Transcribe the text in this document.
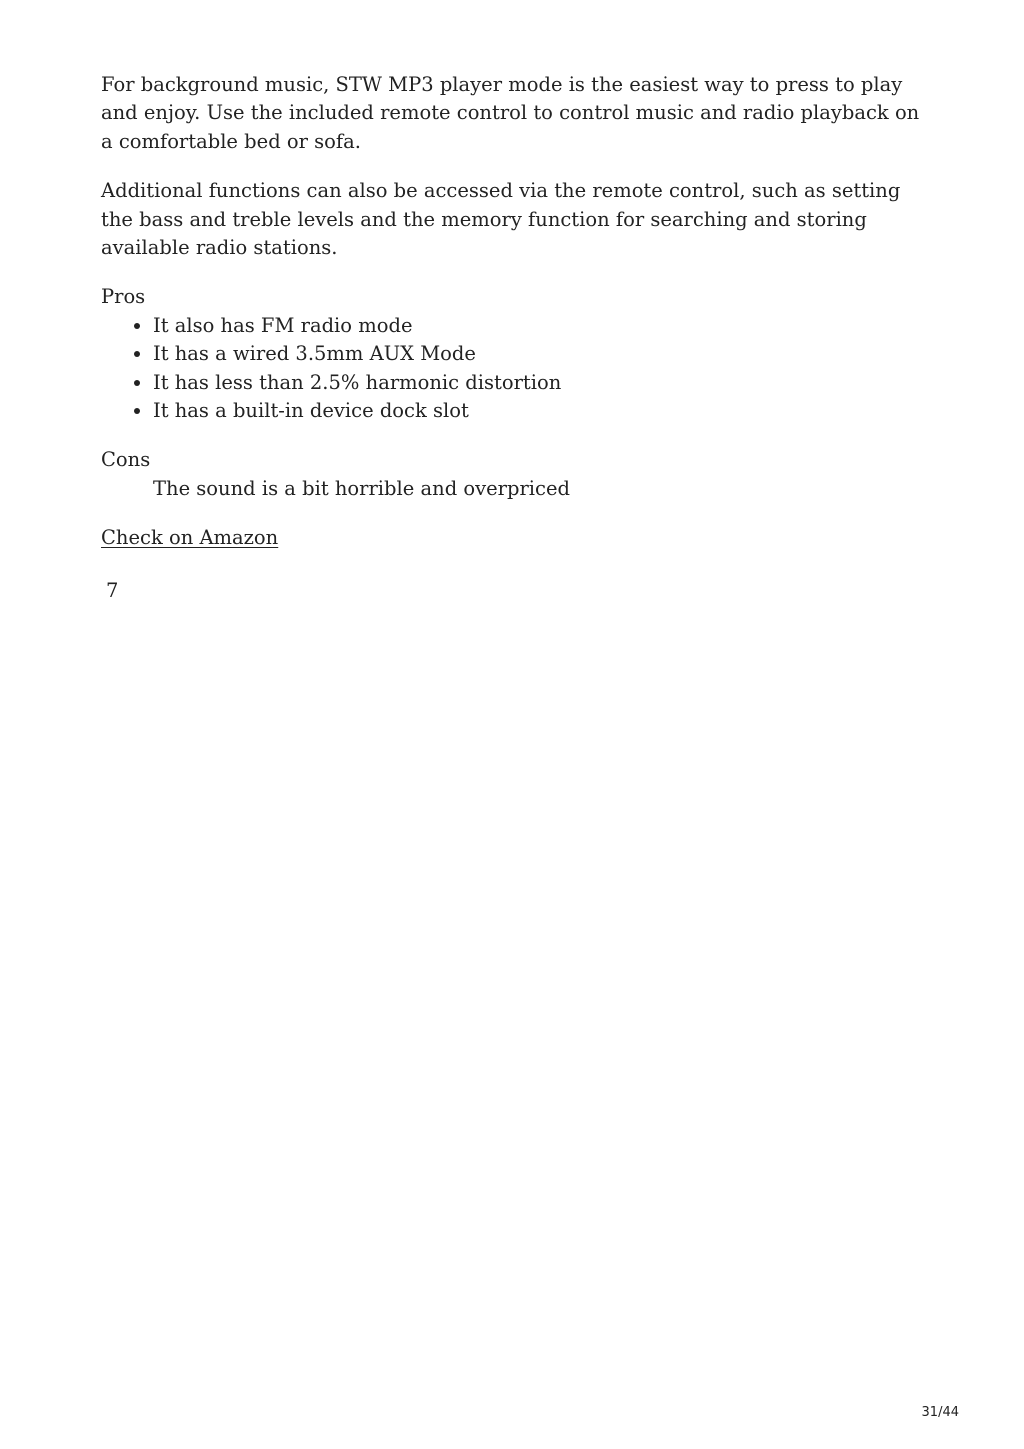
For background music, STW MP3 player mode is the easiest way to press to play and enjoy. Use the included remote control to control music and radio playback on a comfortable bed or sofa.

Additional functions can also be accessed via the remote control, such as setting the bass and treble levels and the memory function for searching and storing available radio stations.

Pros
• It also has FM radio mode
• It has a wired 3.5mm AUX Mode
• It has less than 2.5% harmonic distortion
• It has a built-in device dock slot
Cons
The sound is a bit horrible and overpriced

Check on Amazon

7
31/44
